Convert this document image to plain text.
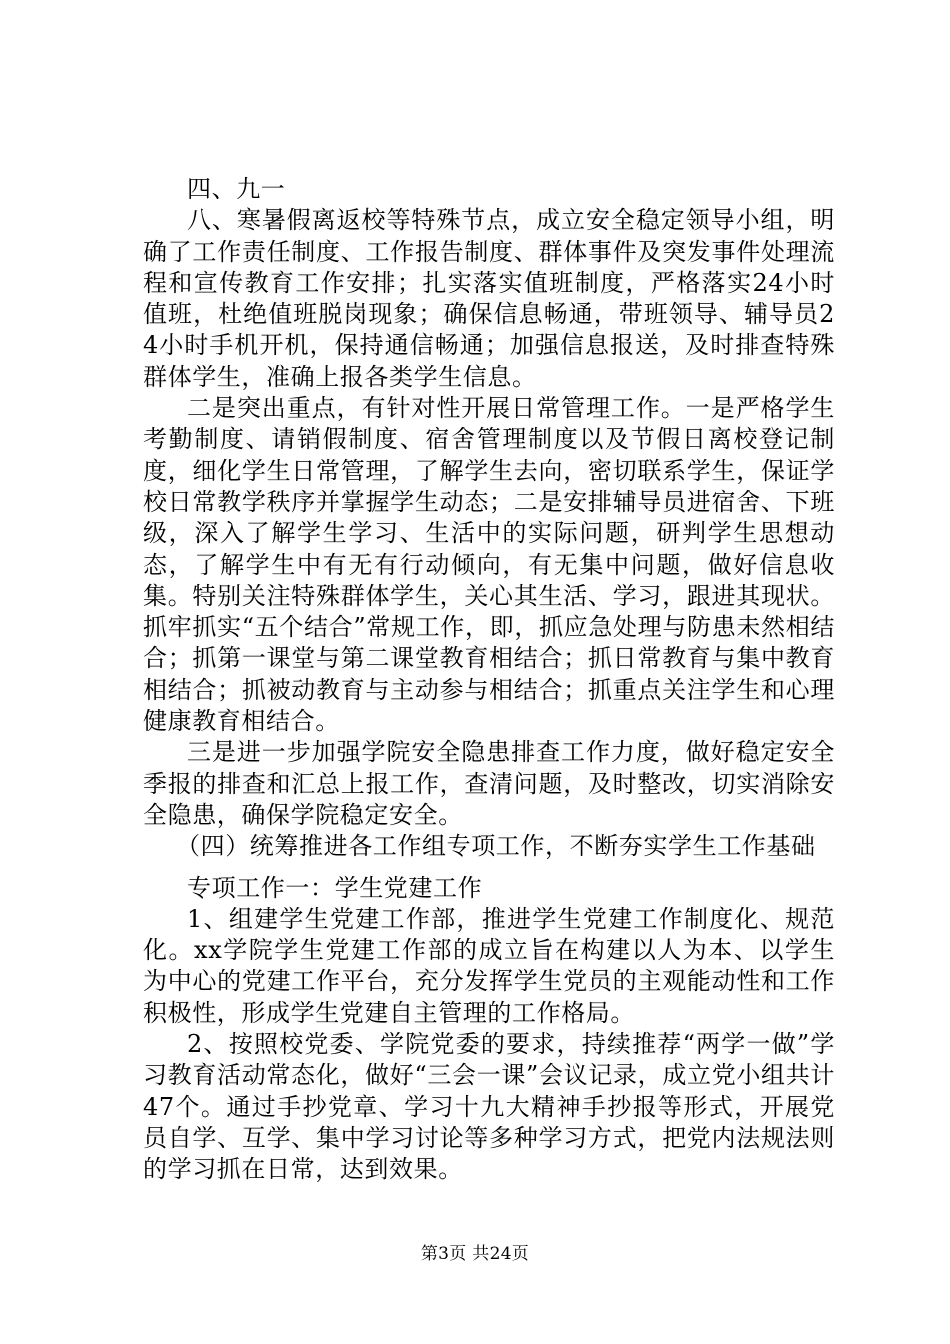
四、九一

八、寒暑假离返校等特殊节点，成立安全稳定领导小组，明确了工作责任制度、工作报告制度、群体事件及突发事件处理流程和宣传教育工作安排；扎实落实值班制度，严格落实24小时值班，杜绝值班脱岗现象；确保信息畅通，带班领导、辅导员24小时手机开机，保持通信畅通；加强信息报送，及时排查特殊群体学生，准确上报各类学生信息。

二是突出重点，有针对性开展日常管理工作。一是严格学生考勤制度、请销假制度、宿舍管理制度以及节假日离校登记制度，细化学生日常管理，了解学生去向，密切联系学生，保证学校日常教学秩序并掌握学生动态；二是安排辅导员进宿舍、下班级，深入了解学生学习、生活中的实际问题，研判学生思想动态，了解学生中有无有行动倾向，有无集中问题，做好信息收集。特别关注特殊群体学生，关心其生活、学习，跟进其现状。抓牢抓实“五个结合”常规工作，即，抓应急处理与防患未然相结合；抓第一课堂与第二课堂教育相结合；抓日常教育与集中教育相结合；抓被动教育与主动参与相结合；抓重点关注学生和心理健康教育相结合。

三是进一步加强学院安全隐患排查工作力度，做好稳定安全季报的排查和汇总上报工作，查清问题，及时整改，切实消除安全隐患，确保学院稳定安全。

（四）统筹推进各工作组专项工作，不断夯实学生工作基础

专项工作一：学生党建工作

1、组建学生党建工作部，推进学生党建工作制度化、规范化。xx学院学生党建工作部的成立旨在构建以人为本、以学生为中心的党建工作平台，充分发挥学生党员的主观能动性和工作积极性，形成学生党建自主管理的工作格局。

2、按照校党委、学院党委的要求，持续推荐“两学一做”学习教育活动常态化，做好“三会一课”会议记录，成立党小组共计47个。通过手抄党章、学习十九大精神手抄报等形式，开展党员自学、互学、集中学习讨论等多种学习方式，把党内法规法则的学习抓在日常，达到效果。

第3页 共24页
